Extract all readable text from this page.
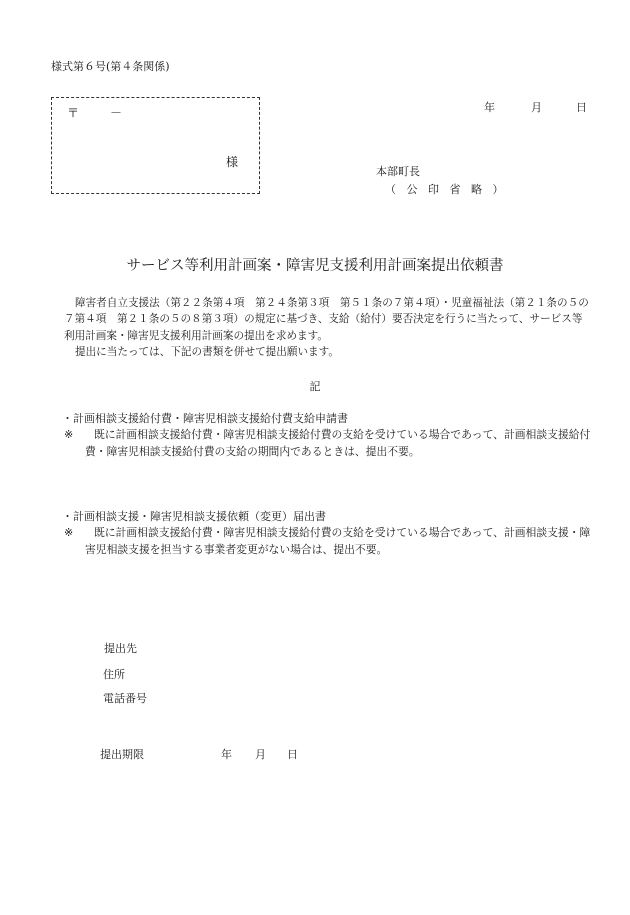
様式第６号(第４条関係)
〒	－
様
年	月	日
本部町長
（ 公 印 省 略 ）
サービス等利用計画案・障害児支援利用計画案提出依頼書
障害者自立支援法（第２２条第４項　第２４条第３項　第５１条の７第４項）・児童福祉法（第２１条の５の７第４項　第２１条の５の８第３項）の規定に基づき、支給（給付）要否決定を行うに当たって、サービス等利用計画案・障害児支援利用計画案の提出を求めます。
提出に当たっては、下記の書類を併せて提出願います。
記
・計画相談支援給付費・障害児相談支援給付費支給申請書
※ 既に計画相談支援給付費・障害児相談支援給付費の支給を受けている場合であって、計画相談支援給付費・障害児相談支援給付費の支給の期間内であるときは、提出不要。
・計画相談支援・障害児相談支援依頼（変更）届出書
※ 既に計画相談支援給付費・障害児相談支援給付費の支給を受けている場合であって、計画相談支援・障害児相談支援を担当する事業者変更がない場合は、提出不要。
提出先
住所
電話番号
提出期限	年 月 日
